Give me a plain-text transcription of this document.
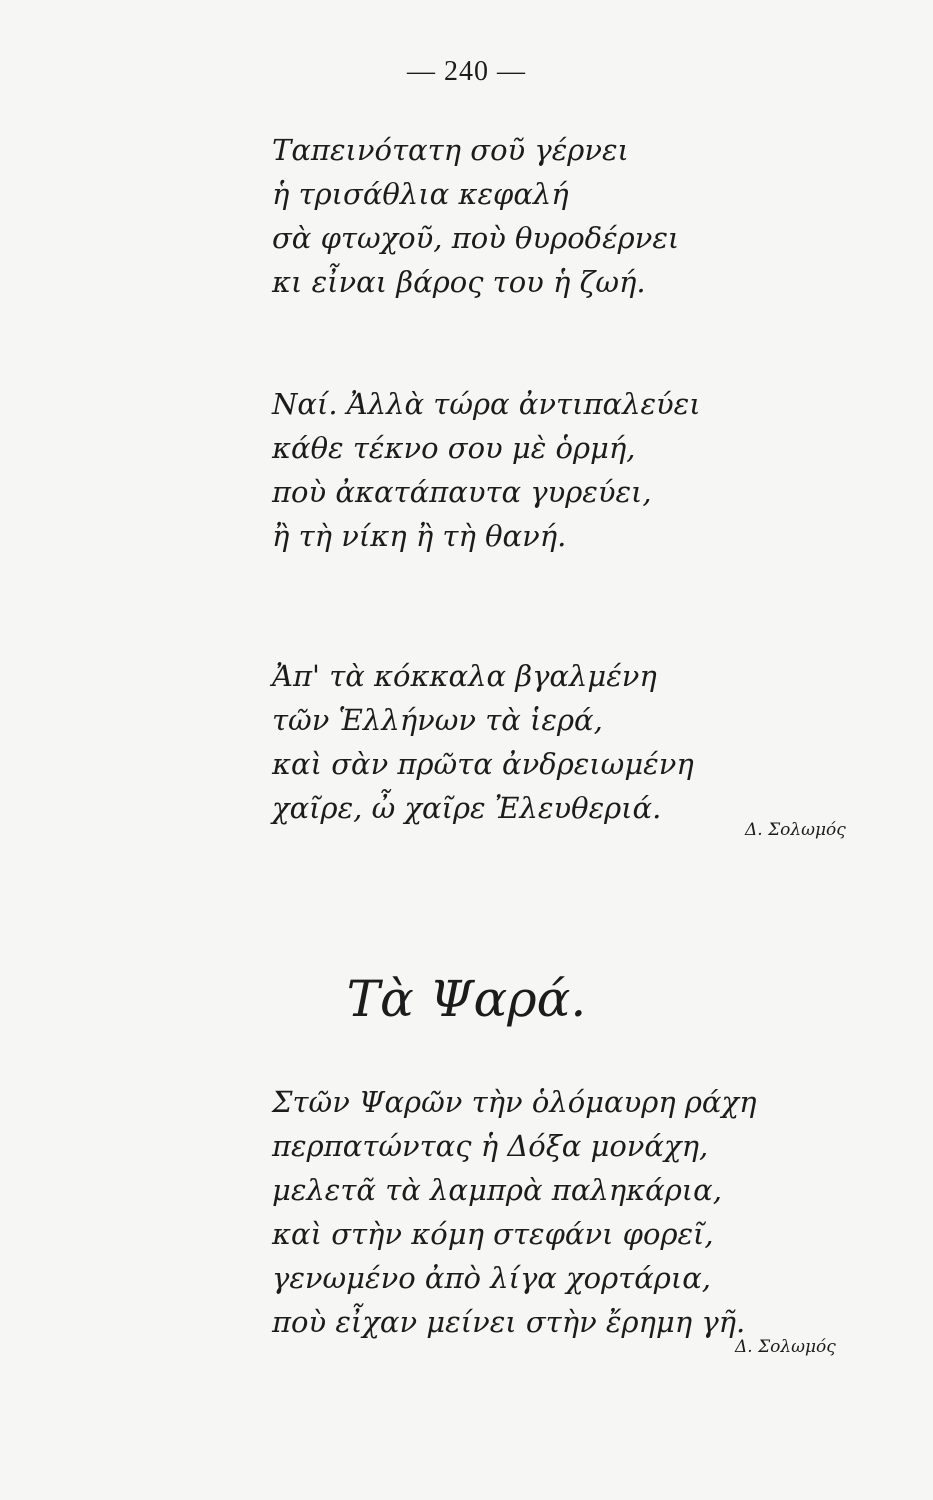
— 240 —
Ταπεινότατη σοῦ γέρνει
ἡ τρισάθλια κεφαλή
σὰ φτωχοῦ, ποὺ θυροδέρνει
κι εἶναι βάρος του ἡ ζωή.
Ναί. Ἀλλὰ τώρα ἀντιπαλεύει
κάθε τέκνο σου μὲ ὁρμή,
ποὺ ἀκατάπαυτα γυρεύει,
ἢ τὴ νίκη ἢ τὴ θανή.
Ἀπ' τὰ κόκκαλα βγαλμένη
τῶν Ἑλλήνων τὰ ἱερά,
καὶ σὰν πρῶτα ἀνδρειωμένη
χαῖρε, ὦ χαῖρε Ἐλευθεριά.
Δ. Σολωμός
Τὰ Ψαρά.
Στῶν Ψαρῶν τὴν ὁλόμαυρη ράχη
περπατώντας ἡ Δόξα μονάχη,
μελετᾶ τὰ λαμπρὰ παληκάρια,
καὶ στὴν κόμη στεφάνι φορεῖ,
γενωμένο ἀπὸ λίγα χορτάρια,
ποὺ εἶχαν μείνει στὴν ἔρημη γῆ.
Δ. Σολωμός
